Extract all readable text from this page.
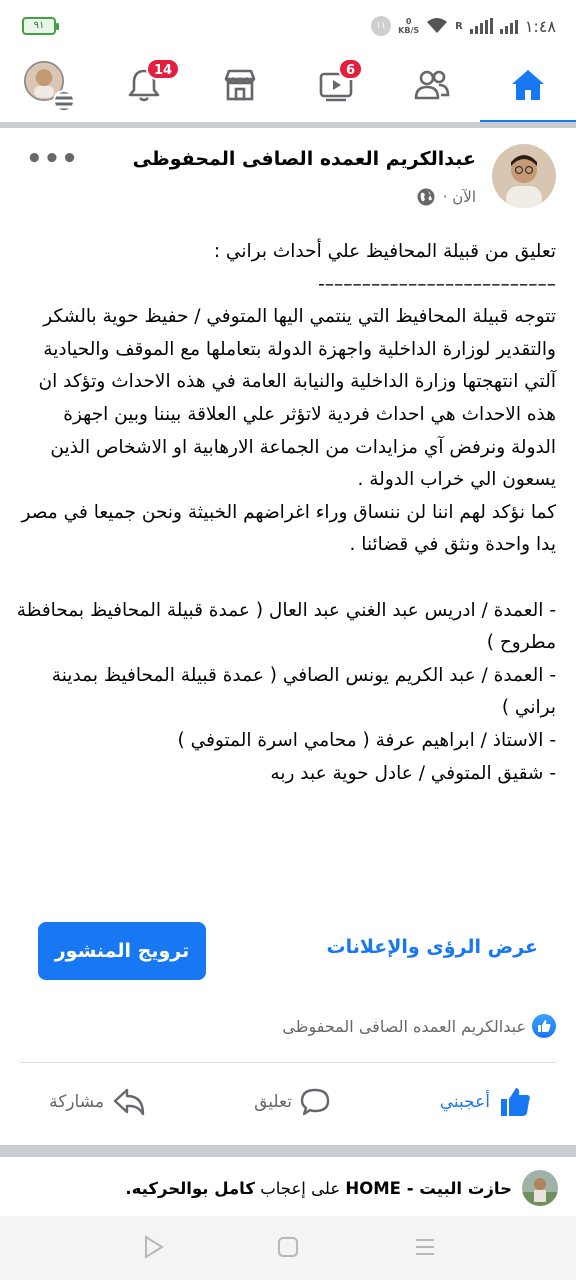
٩١	١١	0
KB/S	R	١:٤٨
14	6
عبدالكريم العمده الصافى المحفوظى
الآن ·
•••
تعليق من قبيلة المحافيظ علي أحداث براني :
–––––––––––––––––––––––––-
تتوجه قبيلة المحافيظ التي ينتمي اليها المتوفي / حفيظ حوية بالشكر والتقدير لوزارة الداخلية واجهزة الدولة بتعاملها مع الموقف والحيادية آلتي انتهجتها وزارة الداخلية والنيابة العامة في هذه الاحداث وتؤكد ان هذه الاحداث هي احداث فردية لاتؤثر علي العلاقة بيننا وبين اجهزة الدولة ونرفض آي مزايدات من الجماعة الارهابية او الاشخاص الذين يسعون الي خراب الدولة .
كما نؤكد لهم اننا لن ننساق وراء اغراضهم الخبيثة ونحن جميعا في مصر يدا واحدة ونثق في قضائنا .

- العمدة / ادريس عبد الغني عبد العال ( عمدة قبيلة المحافيظ بمحافظة مطروح )
- العمدة / عبد الكريم يونس الصافي ( عمدة قبيلة المحافيظ بمدينة براني )
- الاستاذ / ابراهيم عرفة ( محامي اسرة المتوفي )
- شقيق المتوفي / عادل حوية عبد ربه
ترويج المنشور	عرض الرؤى والإعلانات
عبدالكريم العمده الصافى المحفوظى
أعجبني
تعليق
مشاركة
حازت البيت - HOME على إعجاب كامل بوالحركيه.
